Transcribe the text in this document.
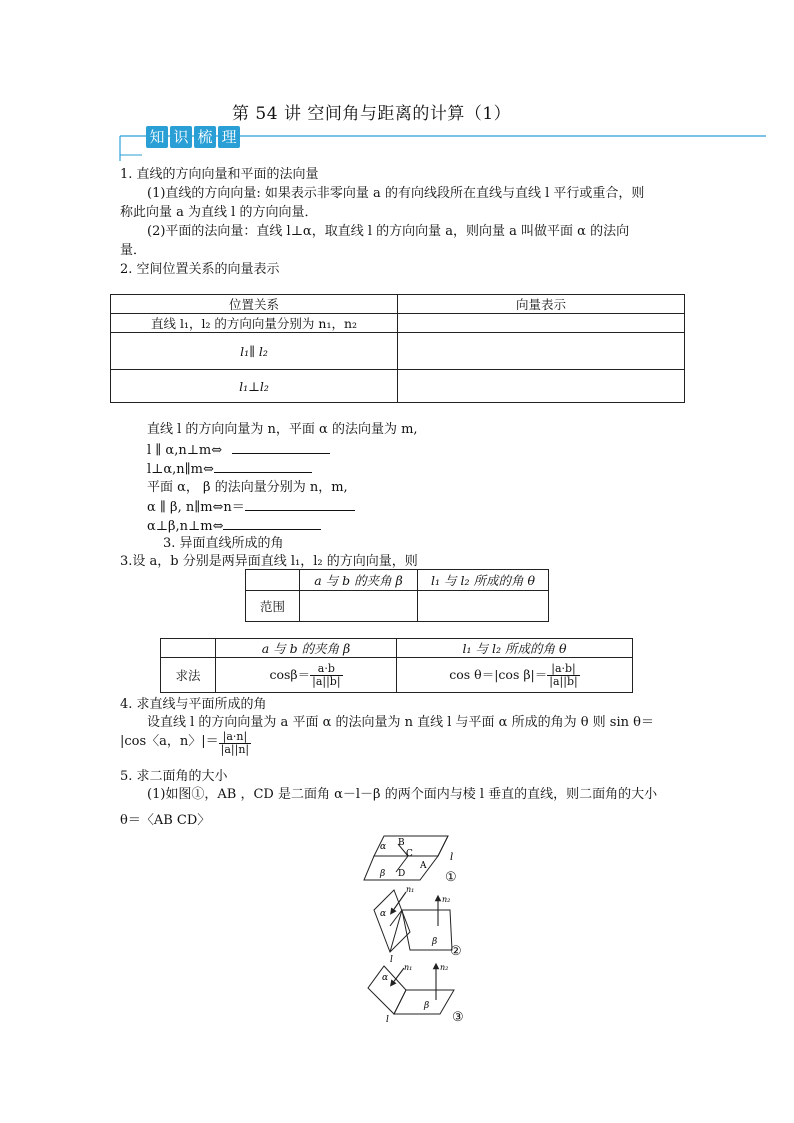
第 54 讲 空间角与距离的计算（1）
知 识 梳 理
1. 直线的方向向量和平面的法向量
(1)直线的方向向量: 如果表示非零向量 a 的有向线段所在直线与直线 l 平行或重合，则
称此向量 a 为直线 l 的方向向量．
(2)平面的法向量：直线 l⊥α，取直线 l 的方向向量 a，则向量 a 叫做平面 α 的法向
量．
2. 空间位置关系的向量表示
位置关系	向量表示
直线 l₁，l₂ 的方向向量分别为 n₁，n₂	
l₁∥ l₂	
l₁⊥l₂	
直线 l 的方向向量为 n，平面 α 的法向量为 m,
l ∥ α,n⊥m⇔
l⊥α,n∥m⇔
平面 α， β 的法向量分别为 n，m,
α ∥ β, n∥m⇔n＝
α⊥β,n⊥m⇔
3. 异面直线所成的角
3.设 a，b 分别是两异面直线 l₁，l₂ 的方向向量，则
	a 与 b 的夹角 β	l₁ 与 l₂ 所成的角 θ
范围		
	a 与 b 的夹角 β	l₁ 与 l₂ 所成的角 θ
求法	$\cos\beta= \frac{a\cdot b}{|a||b|}$	cos θ＝|cos $\beta|= \frac{|a\cdot b|}{|a||b|}$
4. 求直线与平面所成的角
设直线 l 的方向向量为 a 平面 α 的法向量为 n 直线 l 与平面 α 所成的角为 θ 则 sin θ＝
|cos〈a，n〉|＝ $\frac{|a\cdot n|}{|a||n|}$
5. 求二面角的大小
(1)如图①，AB ，CD 是二面角 α－l－β 的两个面内与棱 l 垂直的直线，则二面角的大小
θ＝〈AB CD〉
α B
C
A
β D
l
①
α
n₁
n₂
β
l
②
α
n₁	n₂
β
l	③
